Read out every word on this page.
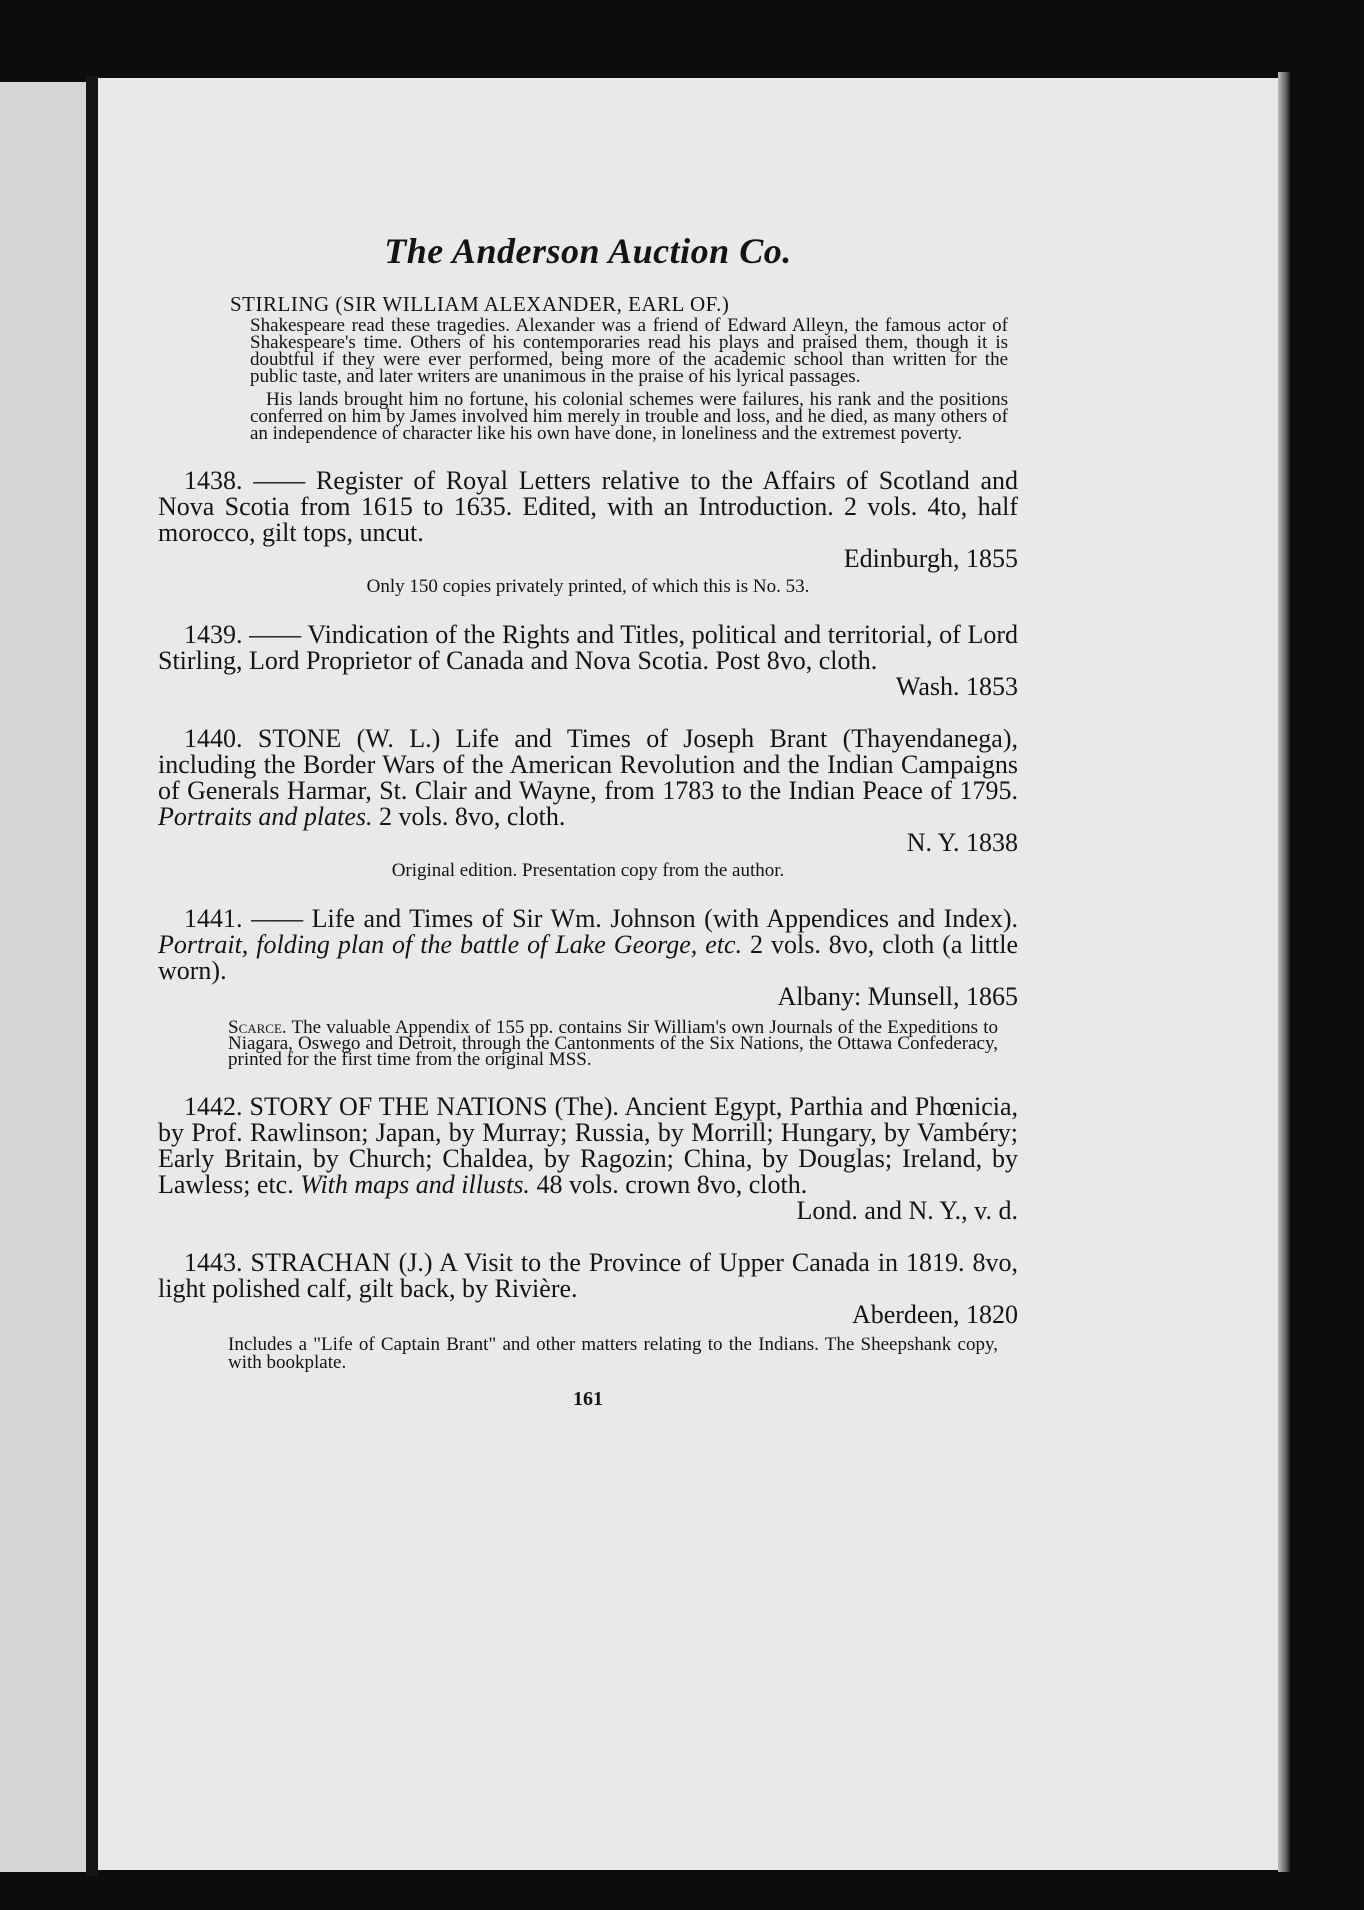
The Anderson Auction Co.
STIRLING (SIR WILLIAM ALEXANDER, EARL OF.)

Shakespeare read these tragedies. Alexander was a friend of Edward Alleyn, the famous actor of Shakespeare's time. Others of his contemporaries read his plays and praised them, though it is doubtful if they were ever performed, being more of the academic school than written for the public taste, and later writers are unanimous in the praise of his lyrical passages.

His lands brought him no fortune, his colonial schemes were failures, his rank and the positions conferred on him by James involved him merely in trouble and loss, and he died, as many others of an independence of character like his own have done, in loneliness and the extremest poverty.

1438. —— Register of Royal Letters relative to the Affairs of Scotland and Nova Scotia from 1615 to 1635. Edited, with an Introduction. 2 vols. 4to, half morocco, gilt tops, uncut.
Edinburgh, 1855
Only 150 copies privately printed, of which this is No. 53.
1439. —— Vindication of the Rights and Titles, political and territorial, of Lord Stirling, Lord Proprietor of Canada and Nova Scotia. Post 8vo, cloth.
Wash. 1853
1440. STONE (W. L.) Life and Times of Joseph Brant (Thayendanega), including the Border Wars of the American Revolution and the Indian Campaigns of Generals Harmar, St. Clair and Wayne, from 1783 to the Indian Peace of 1795. Portraits and plates. 2 vols. 8vo, cloth.
N. Y. 1838
Original edition. Presentation copy from the author.
1441. —— Life and Times of Sir Wm. Johnson (with Appendices and Index). Portrait, folding plan of the battle of Lake George, etc. 2 vols. 8vo, cloth (a little worn).
Albany: Munsell, 1865
Scarce. The valuable Appendix of 155 pp. contains Sir William's own Journals of the Expeditions to Niagara, Oswego and Detroit, through the Cantonments of the Six Nations, the Ottawa Confederacy, printed for the first time from the original MSS.
1442. STORY OF THE NATIONS (The). Ancient Egypt, Parthia and Phœnicia, by Prof. Rawlinson; Japan, by Murray; Russia, by Morrill; Hungary, by Vambéry; Early Britain, by Church; Chaldea, by Ragozin; China, by Douglas; Ireland, by Lawless; etc. With maps and illusts. 48 vols. crown 8vo, cloth.
Lond. and N. Y., v. d.
1443. STRACHAN (J.) A Visit to the Province of Upper Canada in 1819. 8vo, light polished calf, gilt back, by Rivière.
Aberdeen, 1820
Includes a "Life of Captain Brant" and other matters relating to the Indians. The Sheepshank copy, with bookplate.
161
